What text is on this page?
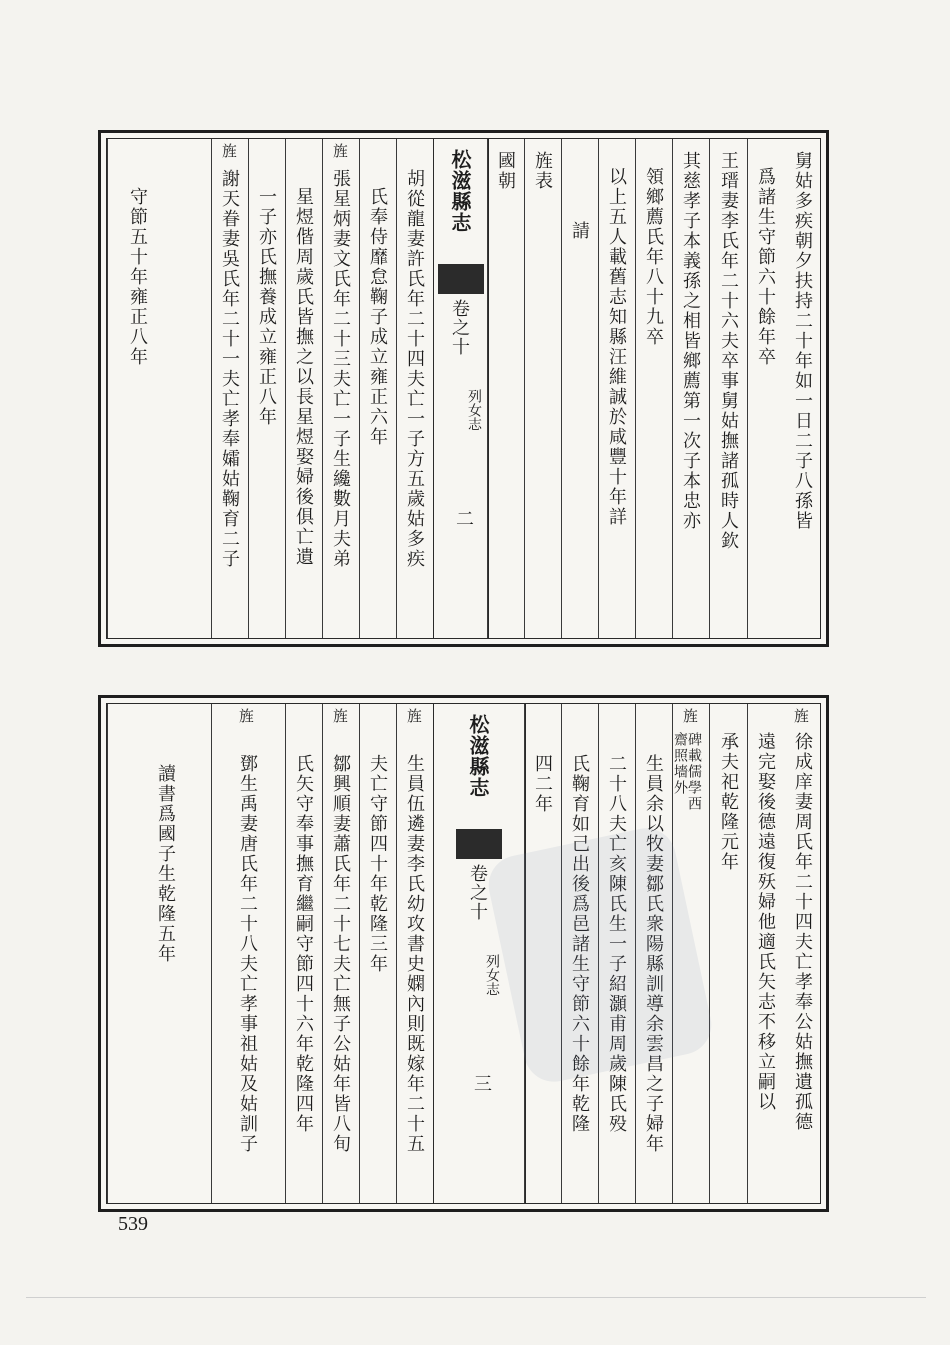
舅姑多疾朝夕扶持二十年如一日二子八孫皆
爲諸生守節六十餘年卒
王瑨妻李氏年二十六夫卒事舅姑撫諸孤時人欽
其慈孝子本義孫之相皆鄉薦第一次子本忠亦
領鄉薦氏年八十九卒
以上五人載舊志知縣汪維誠於咸豐十年詳
請
旌表
國朝
松滋縣志
卷之十
列女志
二
胡從龍妻許氏年二十四夫亡一子方五歲姑多疾
氏奉侍靡怠鞠子成立雍正六年
旌
張星炳妻文氏年二十三夫亡一子生纔數月夫弟
星煜偕周歲氏皆撫之以長星煜娶婦後俱亡遺
一子亦氏撫養成立雍正八年
旌
謝天眷妻吳氏年二十一夫亡孝奉孀姑鞠育二子
守節五十年雍正八年
旌
徐成庠妻周氏年二十四夫亡孝奉公姑撫遺孤德
遠完娶後德遠復殀婦他適氏矢志不移立嗣以
承夫祀乾隆元年
旌
碑載儒學西
齋照墻外
生員余以牧妻鄒氏衆陽縣訓導余雲昌之子婦年
二十八夫亡亥陳氏生一子紹灝甫周歲陳氏殁
氏鞠育如己出後爲邑諸生守節六十餘年乾隆
四二年
松滋縣志
卷之十
列女志
三
旌
生員伍遴妻李氏幼攻書史嫻內則既嫁年二十五
夫亡守節四十年乾隆三年
旌
鄒興順妻蕭氏年二十七夫亡無子公姑年皆八旬
氏矢守奉事撫育繼嗣守節四十六年乾隆四年
旌
鄧生禹妻唐氏年二十八夫亡孝事祖姑及姑訓子
讀書爲國子生乾隆五年
539
